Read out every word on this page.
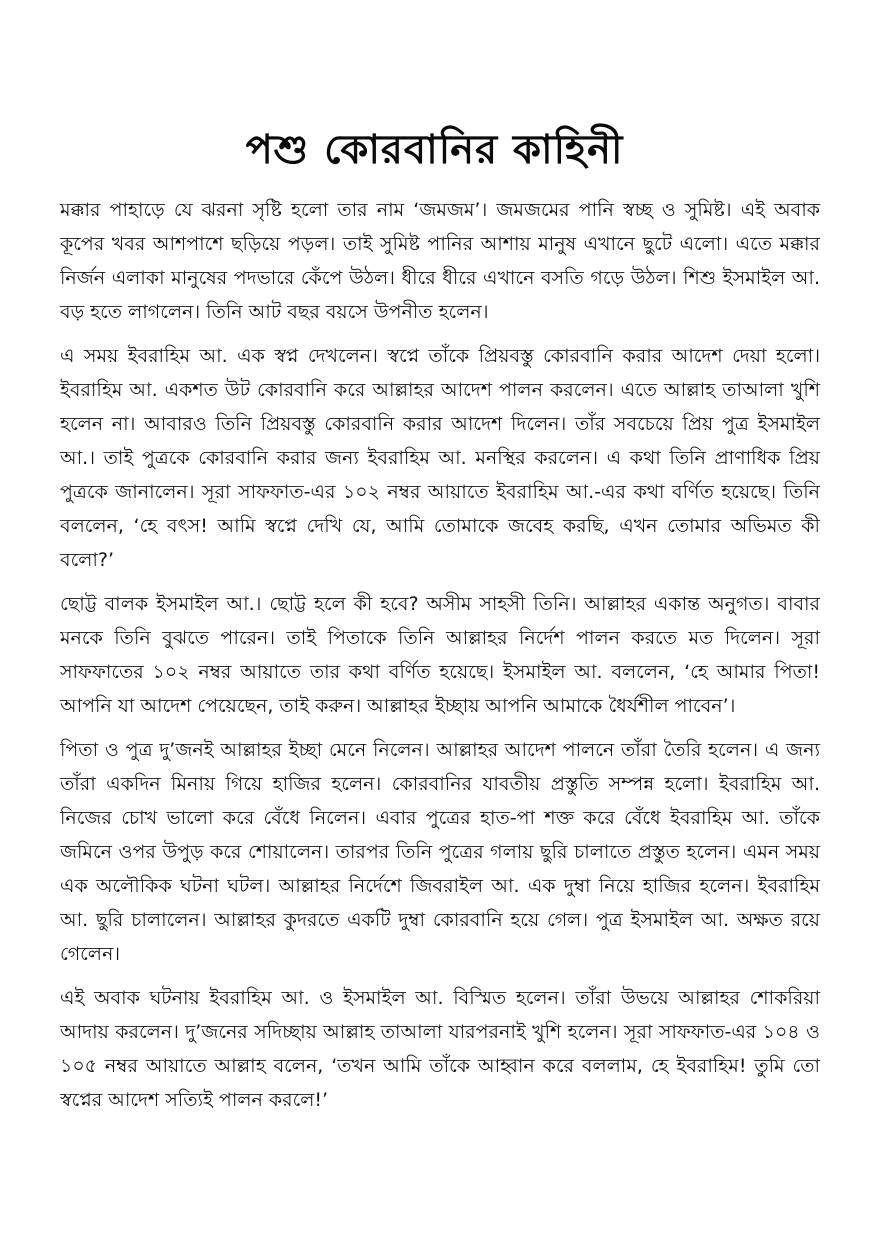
পশু কোরবানির কাহিনী

মক্কার পাহাড়ে যে ঝরনা সৃষ্টি হলো তার নাম ‘জমজম’। জমজমের পানি স্বচ্ছ ও সুমিষ্ট। এই অবাক কূপের খবর আশপাশে ছড়িয়ে পড়ল। তাই সুমিষ্ট পানির আশায় মানুষ এখানে ছুটে এলো। এতে মক্কার নির্জন এলাকা মানুষের পদভারে কেঁপে উঠল। ধীরে ধীরে এখানে বসতি গড়ে উঠল। শিশু ইসমাইল আ. বড় হতে লাগলেন। তিনি আট বছর বয়সে উপনীত হলেন।

এ সময় ইবরাহিম আ. এক স্বপ্ন দেখলেন। স্বপ্নে তাঁকে প্রিয়বস্তু কোরবানি করার আদেশ দেয়া হলো। ইবরাহিম আ. একশত উট কোরবানি করে আল্লাহর আদেশ পালন করলেন। এতে আল্লাহ তাআলা খুশি হলেন না। আবারও তিনি প্রিয়বস্তু কোরবানি করার আদেশ দিলেন। তাঁর সবচেয়ে প্রিয় পুত্র ইসমাইল আ.। তাই পুত্রকে কোরবানি করার জন্য ইবরাহিম আ. মনস্থির করলেন। এ কথা তিনি প্রাণাধিক প্রিয় পুত্রকে জানালেন। সূরা সাফফাত-এর ১০২ নম্বর আয়াতে ইবরাহিম আ.-এর কথা বর্ণিত হয়েছে। তিনি বললেন, ‘হে বৎস! আমি স্বপ্নে দেখি যে, আমি তোমাকে জবেহ করছি, এখন তোমার অভিমত কী বলো?’

ছোট্ট বালক ইসমাইল আ.। ছোট্ট হলে কী হবে? অসীম সাহসী তিনি। আল্লাহর একান্ত অনুগত। বাবার মনকে তিনি বুঝতে পারেন। তাই পিতাকে তিনি আল্লাহর নির্দেশ পালন করতে মত দিলেন। সূরা সাফফাতের ১০২ নম্বর আয়াতে তার কথা বর্ণিত হয়েছে। ইসমাইল আ. বললেন, ‘হে আমার পিতা! আপনি যা আদেশ পেয়েছেন, তাই করুন। আল্লাহর ইচ্ছায় আপনি আমাকে ধৈর্যশীল পাবেন’।

পিতা ও পুত্র দু’জনই আল্লাহর ইচ্ছা মেনে নিলেন। আল্লাহর আদেশ পালনে তাঁরা তৈরি হলেন। এ জন্য তাঁরা একদিন মিনায় গিয়ে হাজির হলেন। কোরবানির যাবতীয় প্রস্তুতি সম্পন্ন হলো। ইবরাহিম আ. নিজের চোখ ভালো করে বেঁধে নিলেন। এবার পুত্রের হাত-পা শক্ত করে বেঁধে ইবরাহিম আ. তাঁকে জমিনে ওপর উপুড় করে শোয়ালেন। তারপর তিনি পুত্রের গলায় ছুরি চালাতে প্রস্তুত হলেন। এমন সময় এক অলৌকিক ঘটনা ঘটল। আল্লাহর নির্দেশে জিবরাইল আ. এক দুম্বা নিয়ে হাজির হলেন। ইবরাহিম আ. ছুরি চালালেন। আল্লাহর কুদরতে একটি দুম্বা কোরবানি হয়ে গেল। পুত্র ইসমাইল আ. অক্ষত রয়ে গেলেন।

এই অবাক ঘটনায় ইবরাহিম আ. ও ইসমাইল আ. বিস্মিত হলেন। তাঁরা উভয়ে আল্লাহর শোকরিয়া আদায় করলেন। দু’জনের সদিচ্ছায় আল্লাহ তাআলা যারপরনাই খুশি হলেন। সূরা সাফফাত-এর ১০৪ ও ১০৫ নম্বর আয়াতে আল্লাহ বলেন, ‘তখন আমি তাঁকে আহ্বান করে বললাম, হে ইবরাহিম! তুমি তো স্বপ্নের আদেশ সত্যিই পালন করলে!’
